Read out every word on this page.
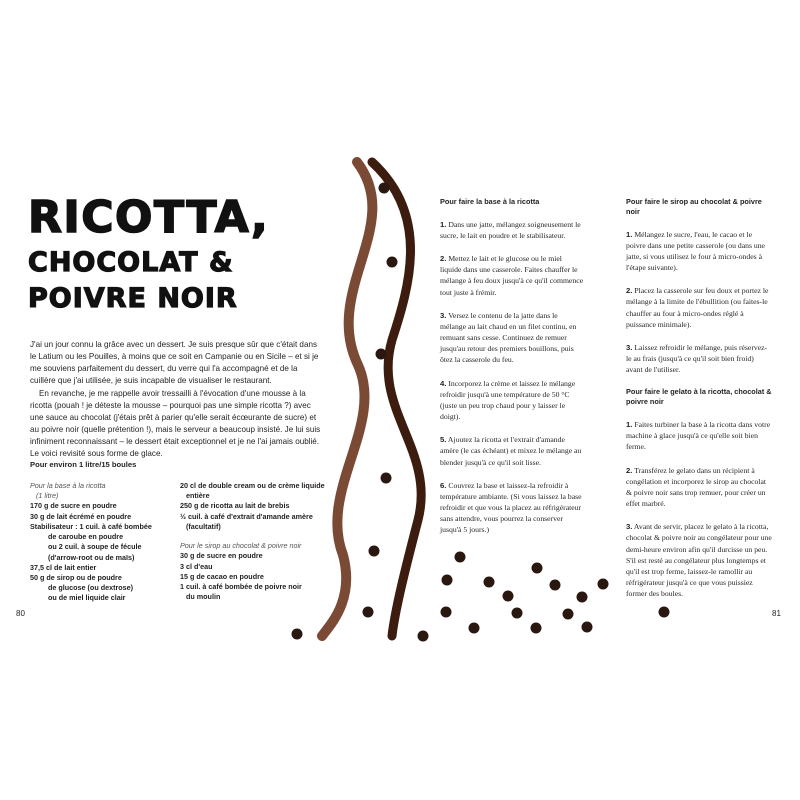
RICOTTA,
CHOCOLAT &
POIVRE NOIR

J'ai un jour connu la grâce avec un dessert. Je suis presque sûr que c'était dans le Latium ou les Pouilles, à moins que ce soit en Campanie ou en Sicile – et si je me souviens parfaitement du dessert, du verre qui l'a accompagné et de la cuillère que j'ai utilisée, je suis incapable de visualiser le restaurant.

En revanche, je me rappelle avoir tressailli à l'évocation d'une mousse à la ricotta (pouah ! je déteste la mousse – pourquoi pas une simple ricotta ?) avec une sauce au chocolat (j'étais prêt à parier qu'elle serait écœurante de sucre) et au poivre noir (quelle prétention !), mais le serveur a beaucoup insisté. Je lui suis infiniment reconnaissant – le dessert était exceptionnel et je ne l'ai jamais oublié. Le voici revisité sous forme de glace.

Pour environ 1 litre/15 boules
Pour la base à la ricotta
(1 litre)
170 g de sucre en poudre
30 g de lait écrémé en poudre
Stabilisateur : 1 cuil. à café bombée
de caroube en poudre
ou 2 cuil. à soupe de fécule
(d'arrow-root ou de maïs)
37,5 cl de lait entier
50 g de sirop ou de poudre
de glucose (ou dextrose)
ou de miel liquide clair
20 cl de double cream ou de crème liquide
entière
250 g de ricotta au lait de brebis
½ cuil. à café d'extrait d'amande amère
(facultatif)
Pour le sirop au chocolat & poivre noir
30 g de sucre en poudre
3 cl d'eau
15 g de cacao en poudre
1 cuil. à café bombée de poivre noir
du moulin
Pour faire la base à la ricotta
1. Dans une jatte, mélangez soigneusement le sucre, le lait en poudre et le stabilisateur.
2. Mettez le lait et le glucose ou le miel liquide dans une casserole. Faites chauffer le mélange à feu doux jusqu'à ce qu'il commence tout juste à frémir.
3. Versez le contenu de la jatte dans le mélange au lait chaud en un filet continu, en remuant sans cesse. Continuez de remuer jusqu'au retour des premiers bouillons, puis ôtez la casserole du feu.
4. Incorporez la crème et laissez le mélange refroidir jusqu'à une température de 50 °C (juste un peu trop chaud pour y laisser le doigt).
5. Ajoutez la ricotta et l'extrait d'amande amère (le cas échéant) et mixez le mélange au blender jusqu'à ce qu'il soit lisse.
6. Couvrez la base et laissez-la refroidir à température ambiante. (Si vous laissez la base refroidir et que vous la placez au réfrigérateur sans attendre, vous pourrez la conserver jusqu'à 5 jours.)
Pour faire le sirop au chocolat & poivre noir
1. Mélangez le sucre, l'eau, le cacao et le poivre dans une petite casserole (ou dans une jatte, si vous utilisez le four à micro-ondes à l'étape suivante).
2. Placez la casserole sur feu doux et portez le mélange à la limite de l'ébullition (ou faites-le chauffer au four à micro-ondes réglé à puissance minimale).
3. Laissez refroidir le mélange, puis réservez-le au frais (jusqu'à ce qu'il soit bien froid) avant de l'utiliser.
Pour faire le gelato à la ricotta, chocolat & poivre noir
1. Faites turbiner la base à la ricotta dans votre machine à glace jusqu'à ce qu'elle soit bien ferme.
2. Transférez le gelato dans un récipient à congélation et incorporez le sirop au chocolat & poivre noir sans trop remuer, pour créer un effet marbré.
3. Avant de servir, placez le gelato à la ricotta, chocolat & poivre noir au congélateur pour une demi-heure environ afin qu'il durcisse un peu. S'il est resté au congélateur plus longtemps et qu'il est trop ferme, laissez-le ramollir au réfrigérateur jusqu'à ce que vous puissiez former des boules.
80	81
